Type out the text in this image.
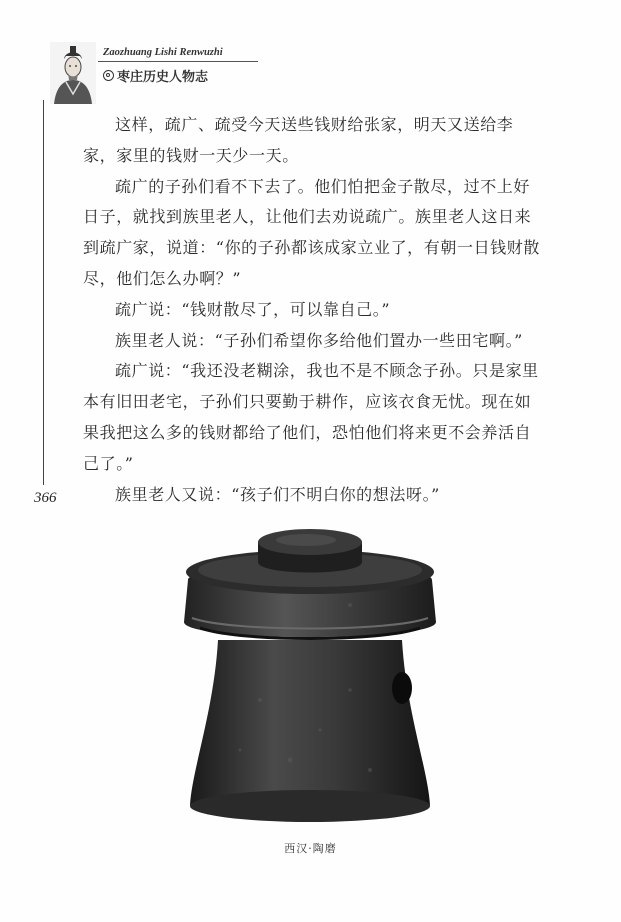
Zaozhuang Lishi Renwuzhi
枣庄历史人物志
366

这样，疏广、疏受今天送些钱财给张家，明天又送给李家，家里的钱财一天少一天。

疏广的子孙们看不下去了。他们怕把金子散尽，过不上好日子，就找到族里老人，让他们去劝说疏广。族里老人这日来到疏广家，说道：“你的子孙都该成家立业了，有朝一日钱财散尽，他们怎么办啊？”

疏广说：“钱财散尽了，可以靠自己。”

族里老人说：“子孙们希望你多给他们置办一些田宅啊。”

疏广说：“我还没老糊涂，我也不是不顾念子孙。只是家里本有旧田老宅，子孙们只要勤于耕作，应该衣食无忧。现在如果我把这么多的钱财都给了他们，恐怕他们将来更不会养活自己了。”

族里老人又说：“孩子们不明白你的想法呀。”

西汉·陶磨
